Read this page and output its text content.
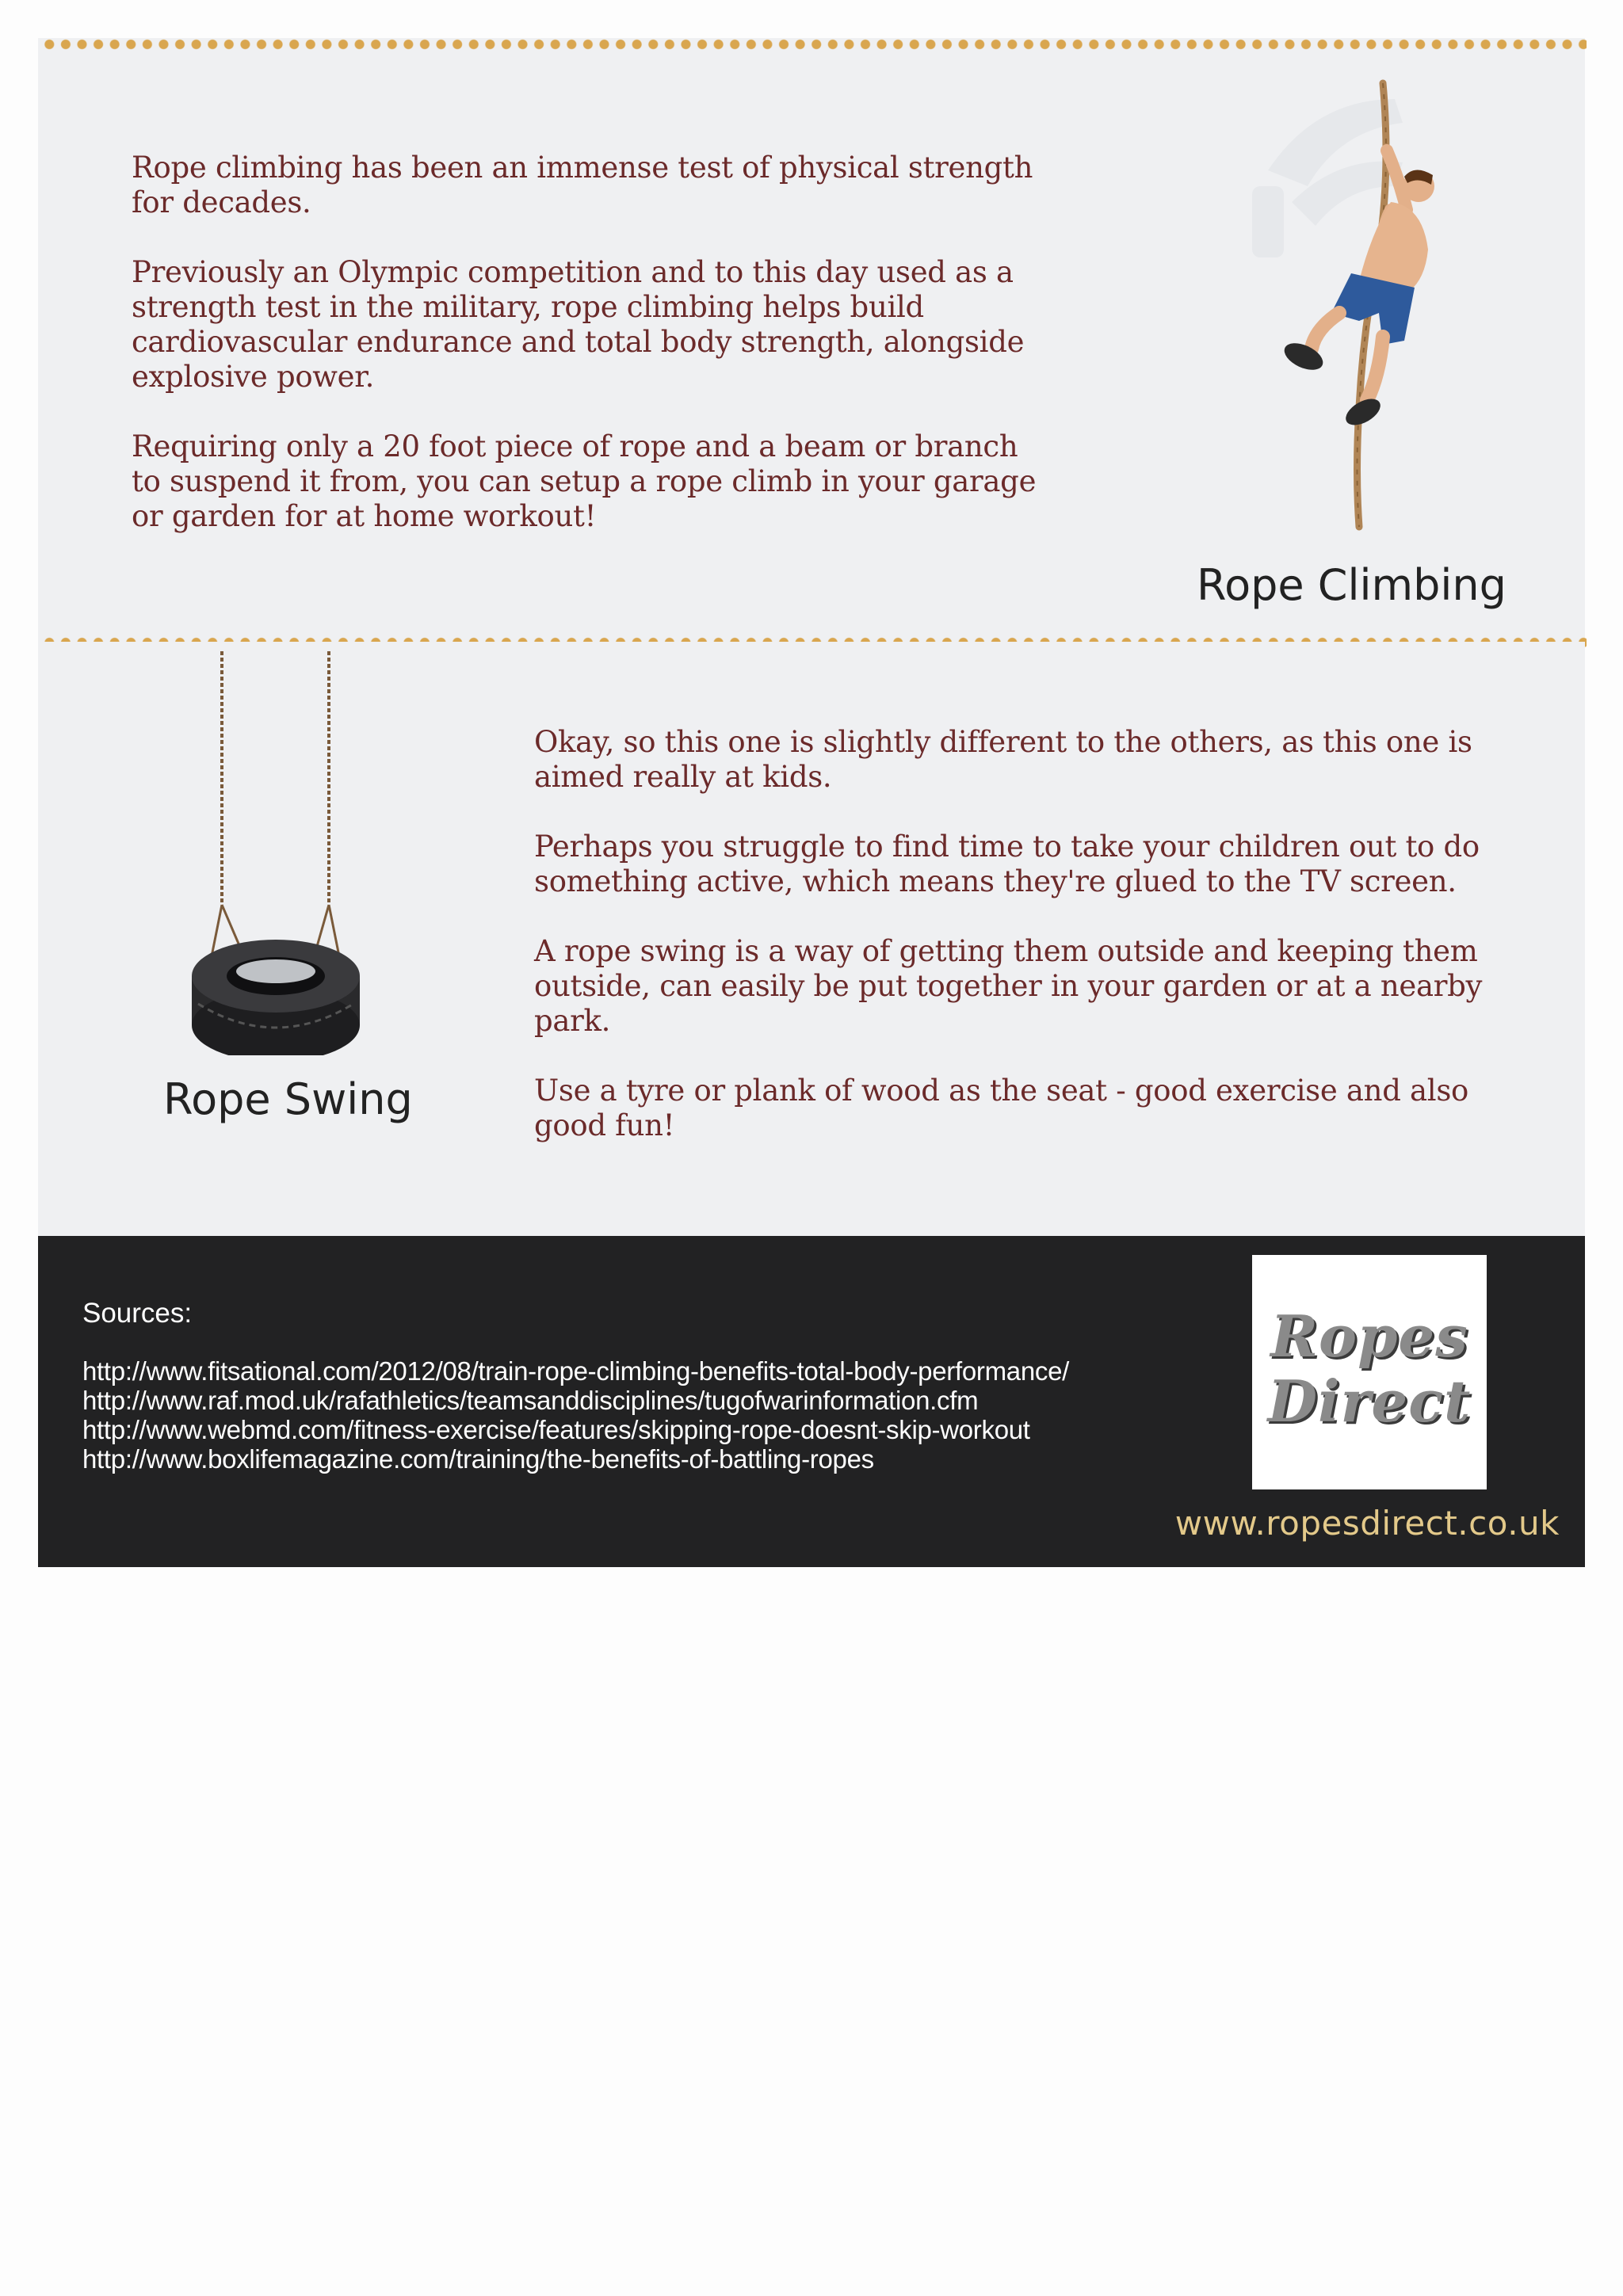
Rope climbing has been an immense test of physical strength for decades.

Previously an Olympic competition and to this day used as a strength test in the military, rope climbing helps build cardiovascular endurance and total body strength, alongside explosive power.

Requiring only a 20 foot piece of rope and a beam or branch to suspend it from, you can setup a rope climb in your garage or garden for at home workout!

Rope Climbing
Rope Swing

Okay, so this one is slightly different to the others, as this one is aimed really at kids.

Perhaps you struggle to find time to take your children out to do something active, which means they're glued to the TV screen.

A rope swing is a way of getting them outside and keeping them outside, can easily be put together in your garden or at a nearby park.

Use a tyre or plank of wood as the seat - good exercise and also good fun!

Sources:
http://www.fitsational.com/2012/08/train-rope-climbing-benefits-total-body-performance/
http://www.raf.mod.uk/rafathletics/teamsanddisciplines/tugofwarinformation.cfm
http://www.webmd.com/fitness-exercise/features/skipping-rope-doesnt-skip-workout
http://www.boxlifemagazine.com/training/the-benefits-of-battling-ropes
Ropes
Direct
www.ropesdirect.co.uk
